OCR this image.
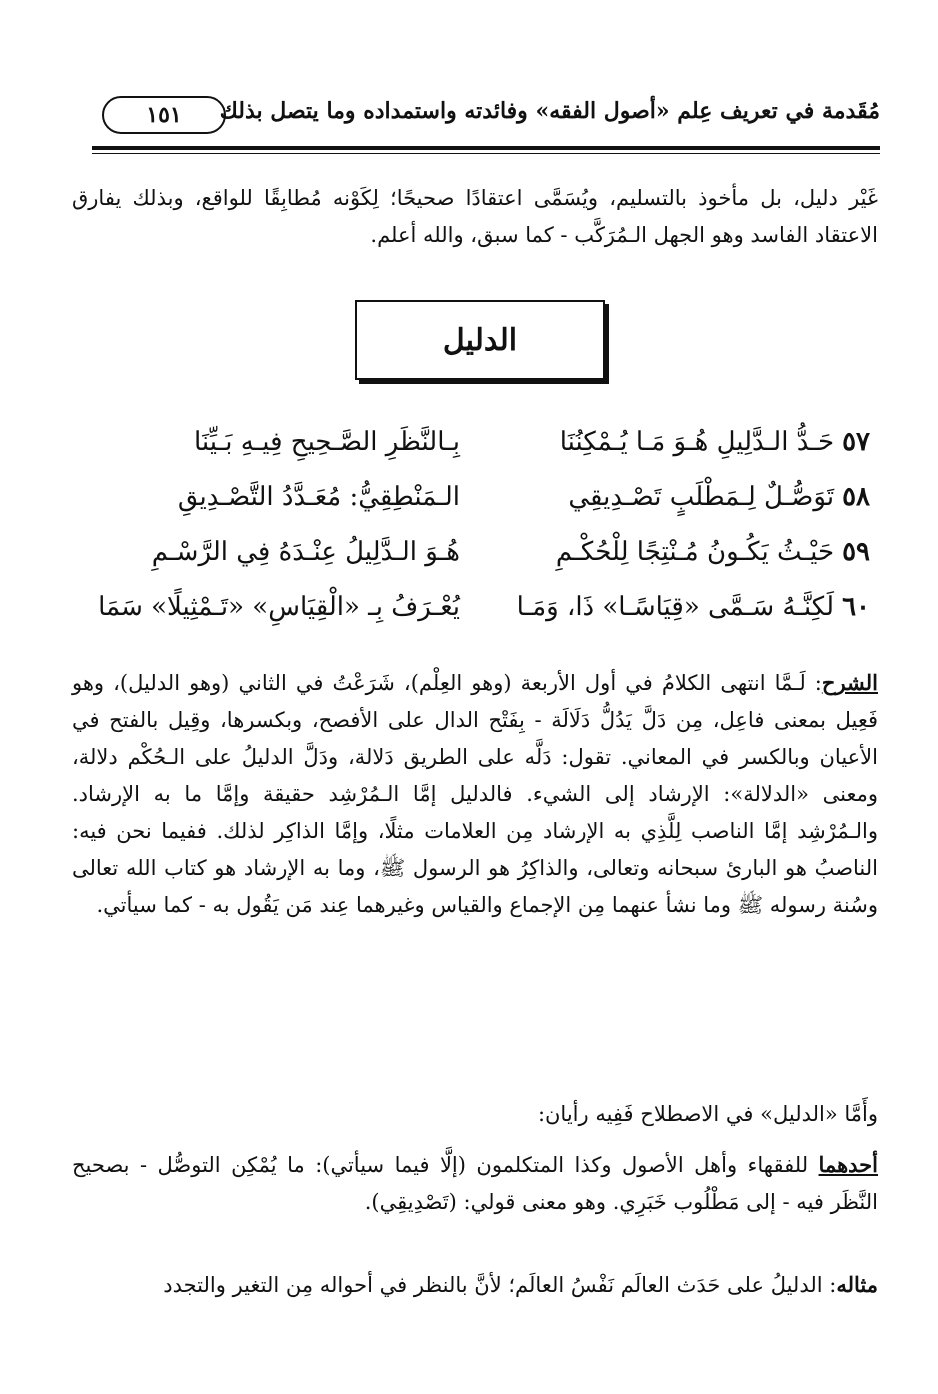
مُقَدمة في تعريف عِلم «أصول الفقه» وفائدته واستمداده وما يتصل بذلك
١٥١
غَيْر دليل، بل مأخوذ بالتسليم، ويُسَمَّى اعتقادًا صحيحًا؛ لِكَوْنه مُطابِقًا للواقع، وبذلك يفارق الاعتقاد الفاسد وهو الجهل الـمُرَكَّب - كما سبق، والله أعلم.
الدليل
٥٧حَـدُّ الـدَّلِيلِ هُـوَ مَـا يُـمْكِنُنَا
بِـالنَّظَرِ الصَّـحِيحِ فِيـهِ بَـيِّنَا
٥٨تَوَصُّـلٌ لِـمَطْلَبٍ تَصْـدِيقِي
الـمَنْطِقِيُّ: مُعَـدَّدُ التَّصْـدِيقِ
٥٩حَيْـثُ يَكُـونُ مُـنْتِجًا لِلْحُكْـمِ
هُـوَ الـدَّلِيلُ عِنْـدَهُ فِي الرَّسْـمِ
٦٠لَكِنَّـهُ سَـمَّى «قِيَاسًـا» ذَا، وَمَـا
يُعْـرَفُ بِـ «الْقِيَاسِ» «تَـمْثِيلًا» سَمَا
الشرح: لَـمَّا انتهى الكلامُ في أول الأربعة (وهو العِلْم)، شَرَعْتُ في الثاني (وهو الدليل)، وهو فَعِيل بمعنى فاعِل، مِن دَلَّ يَدُلُّ دَلَالَة - بِفَتْح الدال على الأفصح، وبكسرها، وقِيل بالفتح في الأعيان وبالكسر في المعاني. تقول: دَلَّه على الطريق دَلالة، ودَلَّ الدليلُ على الـحُكْم دلالة، ومعنى «الدلالة»: الإرشاد إلى الشيء. فالدليل إمَّا الـمُرْشِد حقيقة وإمَّا ما به الإرشاد. والـمُرْشِد إمَّا الناصب لِلَّذِي به الإرشاد مِن العلامات مثلًا، وإمَّا الذاكِر لذلك. ففيما نحن فيه: الناصبُ هو البارئ سبحانه وتعالى، والذاكِرُ هو الرسول ﷺ، وما به الإرشاد هو كتاب الله تعالى وسُنة رسوله ﷺ وما نشأ عنهما مِن الإجماع والقياس وغيرهما عِند مَن يَقُول به - كما سيأتي.
وأَمَّا «الدليل» في الاصطلاح فَفِيه رأيان:
أحدهما للفقهاء وأهل الأصول وكذا المتكلمون (إلَّا فيما سيأتي): ما يُمْكِن التوصُّل - بصحيح النَّظَر فيه - إلى مَطْلُوب خَبَرِي. وهو معنى قولي: (تَصْدِيقِي).
مثاله: الدليلُ على حَدَث العالَم نَفْسُ العالَم؛ لأنَّ بالنظر في أحواله مِن التغير والتجدد
